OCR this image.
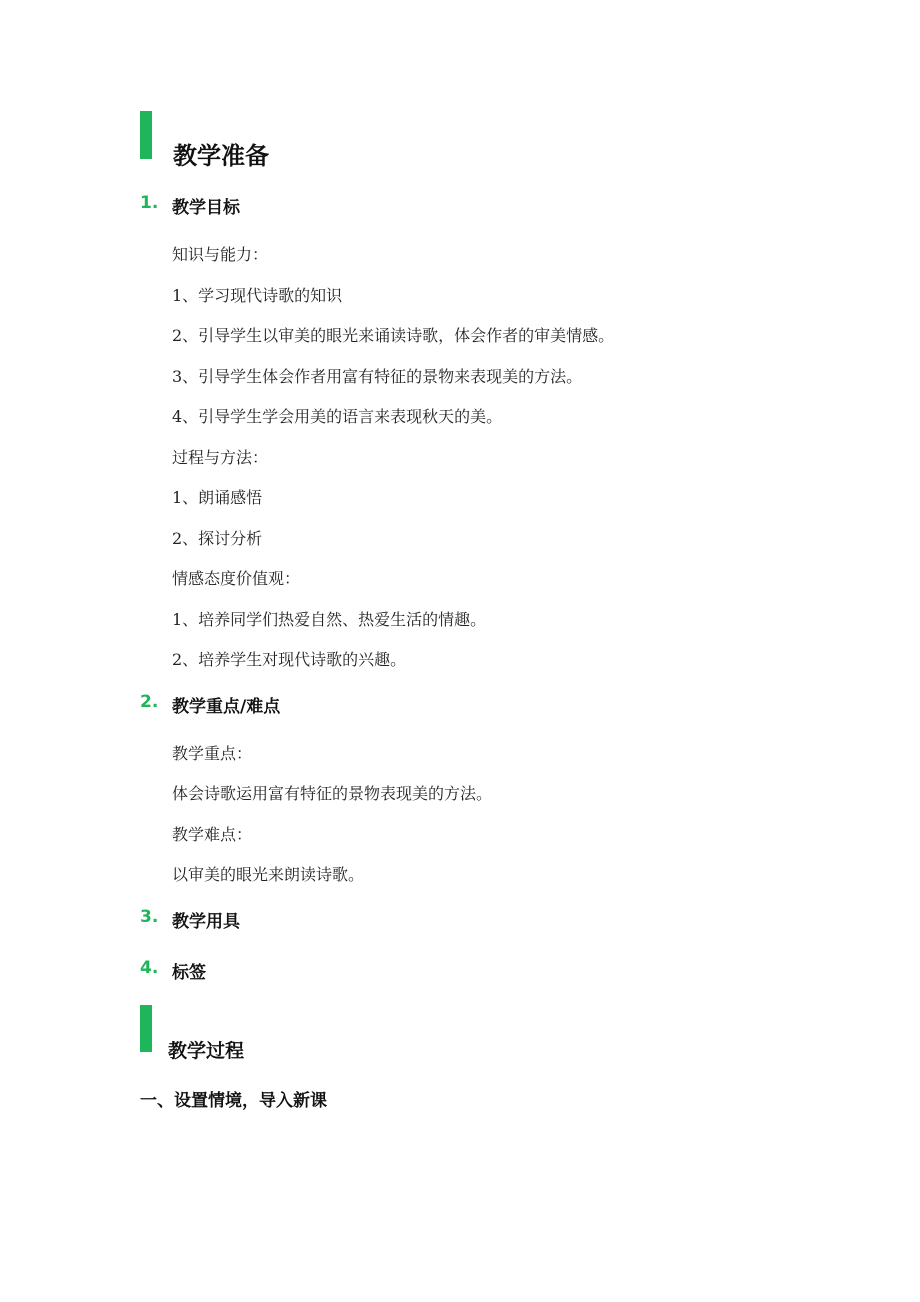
教学准备
1. 教学目标
知识与能力：
1、学习现代诗歌的知识
2、引导学生以审美的眼光来诵读诗歌，体会作者的审美情感。
3、引导学生体会作者用富有特征的景物来表现美的方法。
4、引导学生学会用美的语言来表现秋天的美。
过程与方法：
1、朗诵感悟
2、探讨分析
情感态度价值观：
1、培养同学们热爱自然、热爱生活的情趣。
2、培养学生对现代诗歌的兴趣。
2. 教学重点/难点
教学重点：
体会诗歌运用富有特征的景物表现美的方法。
教学难点：
以审美的眼光来朗读诗歌。
3. 教学用具
4. 标签
教学过程
一、设置情境，导入新课
